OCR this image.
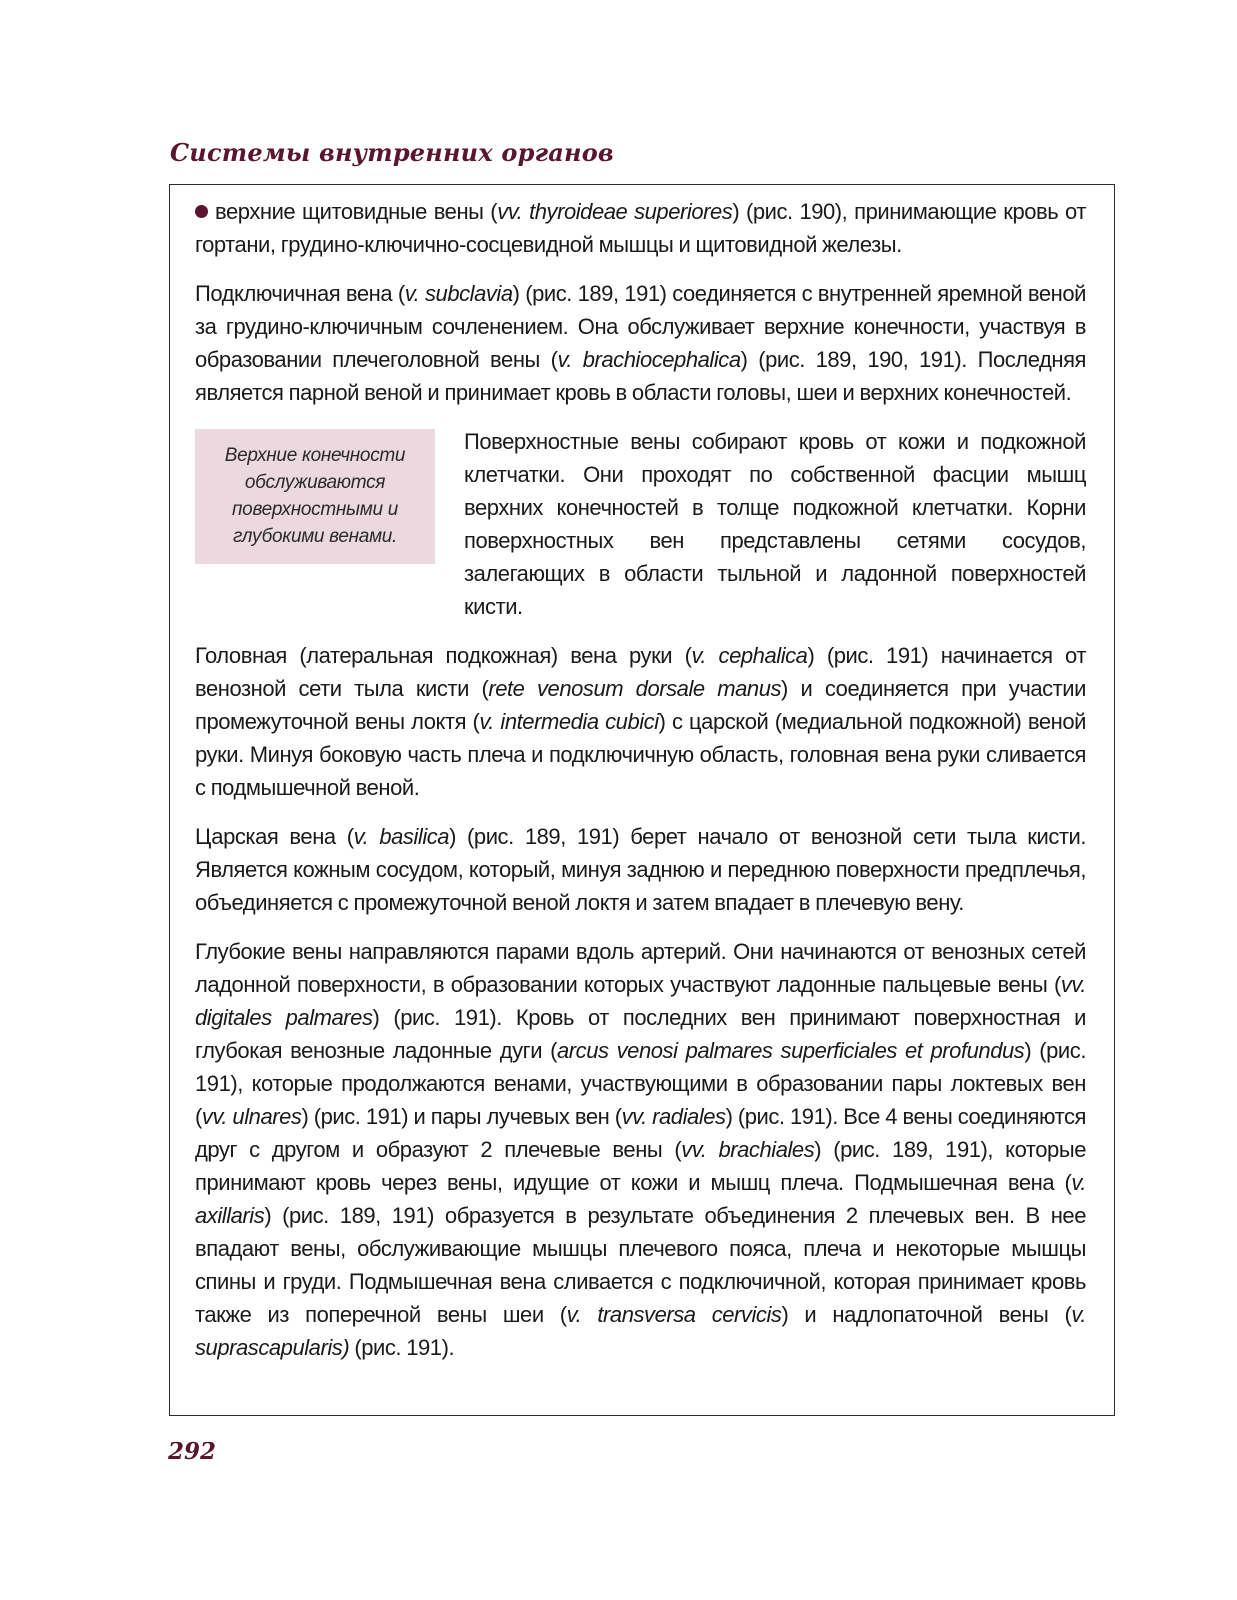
Системы внутренних органов

верхние щитовидные вены (vv. thyroideae superiores) (рис. 190), принимающие кровь от гортани, грудино-ключично-сосцевидной мышцы и щитовидной железы.

Подключичная вена (v. subclavia) (рис. 189, 191) соединяется с внутренней яремной веной за грудино-ключичным сочленением. Она обслуживает верхние конечности, участвуя в образовании плечеголовной вены (v. brachiocephalica) (рис. 189, 190, 191). Последняя является парной веной и принимает кровь в области головы, шеи и верхних конечностей.

Верхние конечности обслуживаются поверхностными и глубокими венами.

Поверхностные вены собирают кровь от кожи и подкожной клетчатки. Они проходят по собственной фасции мышц верхних конечностей в толще подкожной клетчатки. Корни поверхностных вен представлены сетями сосудов, залегающих в области тыльной и ладонной поверхностей кисти.

Головная (латеральная подкожная) вена руки (v. cephalica) (рис. 191) начинается от венозной сети тыла кисти (rete venosum dorsale manus) и соединяется при участии промежуточной вены локтя (v. intermedia cubici) с царской (медиальной подкожной) веной руки. Минуя боковую часть плеча и подключичную область, головная вена руки сливается с подмышечной веной.

Царская вена (v. basilica) (рис. 189, 191) берет начало от венозной сети тыла кисти. Является кожным сосудом, который, минуя заднюю и переднюю поверхности предплечья, объединяется с промежуточной веной локтя и затем впадает в плечевую вену.

Глубокие вены направляются парами вдоль артерий. Они начинаются от венозных сетей ладонной поверхности, в образовании которых участвуют ладонные пальцевые вены (vv. digitales palmares) (рис. 191). Кровь от последних вен принимают поверхностная и глубокая венозные ладонные дуги (arcus venosi palmares superficiales et profundus) (рис. 191), которые продолжаются венами, участвующими в образовании пары локтевых вен (vv. ulnares) (рис. 191) и пары лучевых вен (vv. radiales) (рис. 191). Все 4 вены соединяются друг с другом и образуют 2 плечевые вены (vv. brachiales) (рис. 189, 191), которые принимают кровь через вены, идущие от кожи и мышц плеча. Подмышечная вена (v. axillaris) (рис. 189, 191) образуется в результате объединения 2 плечевых вен. В нее впадают вены, обслуживающие мышцы плечевого пояса, плеча и некоторые мышцы спины и груди. Подмышечная вена сливается с подключичной, которая принимает кровь также из поперечной вены шеи (v. transversa cervicis) и надлопаточной вены (v. suprascapularis) (рис. 191).

292
